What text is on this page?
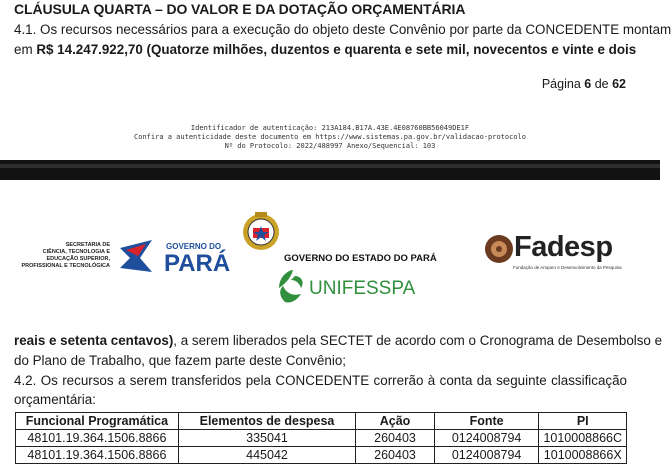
CLÁUSULA QUARTA – DO VALOR E DA DOTAÇÃO ORÇAMENTÁRIA
4.1. Os recursos necessários para a execução do objeto deste Convênio por parte da CONCEDENTE montam
em R$ 14.247.922,70 (Quatorze milhões, duzentos e quarenta e sete mil, novecentos e vinte e dois
Página 6 de 62
Identificador de autenticação: 213A184.B17A.43E.4E08760BB56049DE1F
Confira a autenticidade deste documento em https://www.sistemas.pa.gov.br/validacao-protocolo
Nº do Protocolo: 2022/488997 Anexo/Sequencial: 103
SECRETARIA DE
CIÊNCIA, TECNOLOGIA E
EDUCAÇÃO SUPERIOR,
PROFISSIONAL E TECNOLÓGICA
GOVERNO DO
PARÁ	GOVERNO DO ESTADO DO PARÁ
UNIFESSPA
Fadesp
Fundação de Amparo e Desenvolvimento da Pesquisa
reais e setenta centavos), a serem liberados pela SECTET de acordo com o Cronograma de Desembolso e
do Plano de Trabalho, que fazem parte deste Convênio;
4.2. Os recursos a serem transferidos pela CONCEDENTE correrão à conta da seguinte classificação
orçamentária:
Funcional Programática	Elementos de despesa	Ação	Fonte	PI
48101.19.364.1506.8866	335041	260403	0124008794	1010008866C
48101.19.364.1506.8866	445042	260403	0124008794	1010008866X
